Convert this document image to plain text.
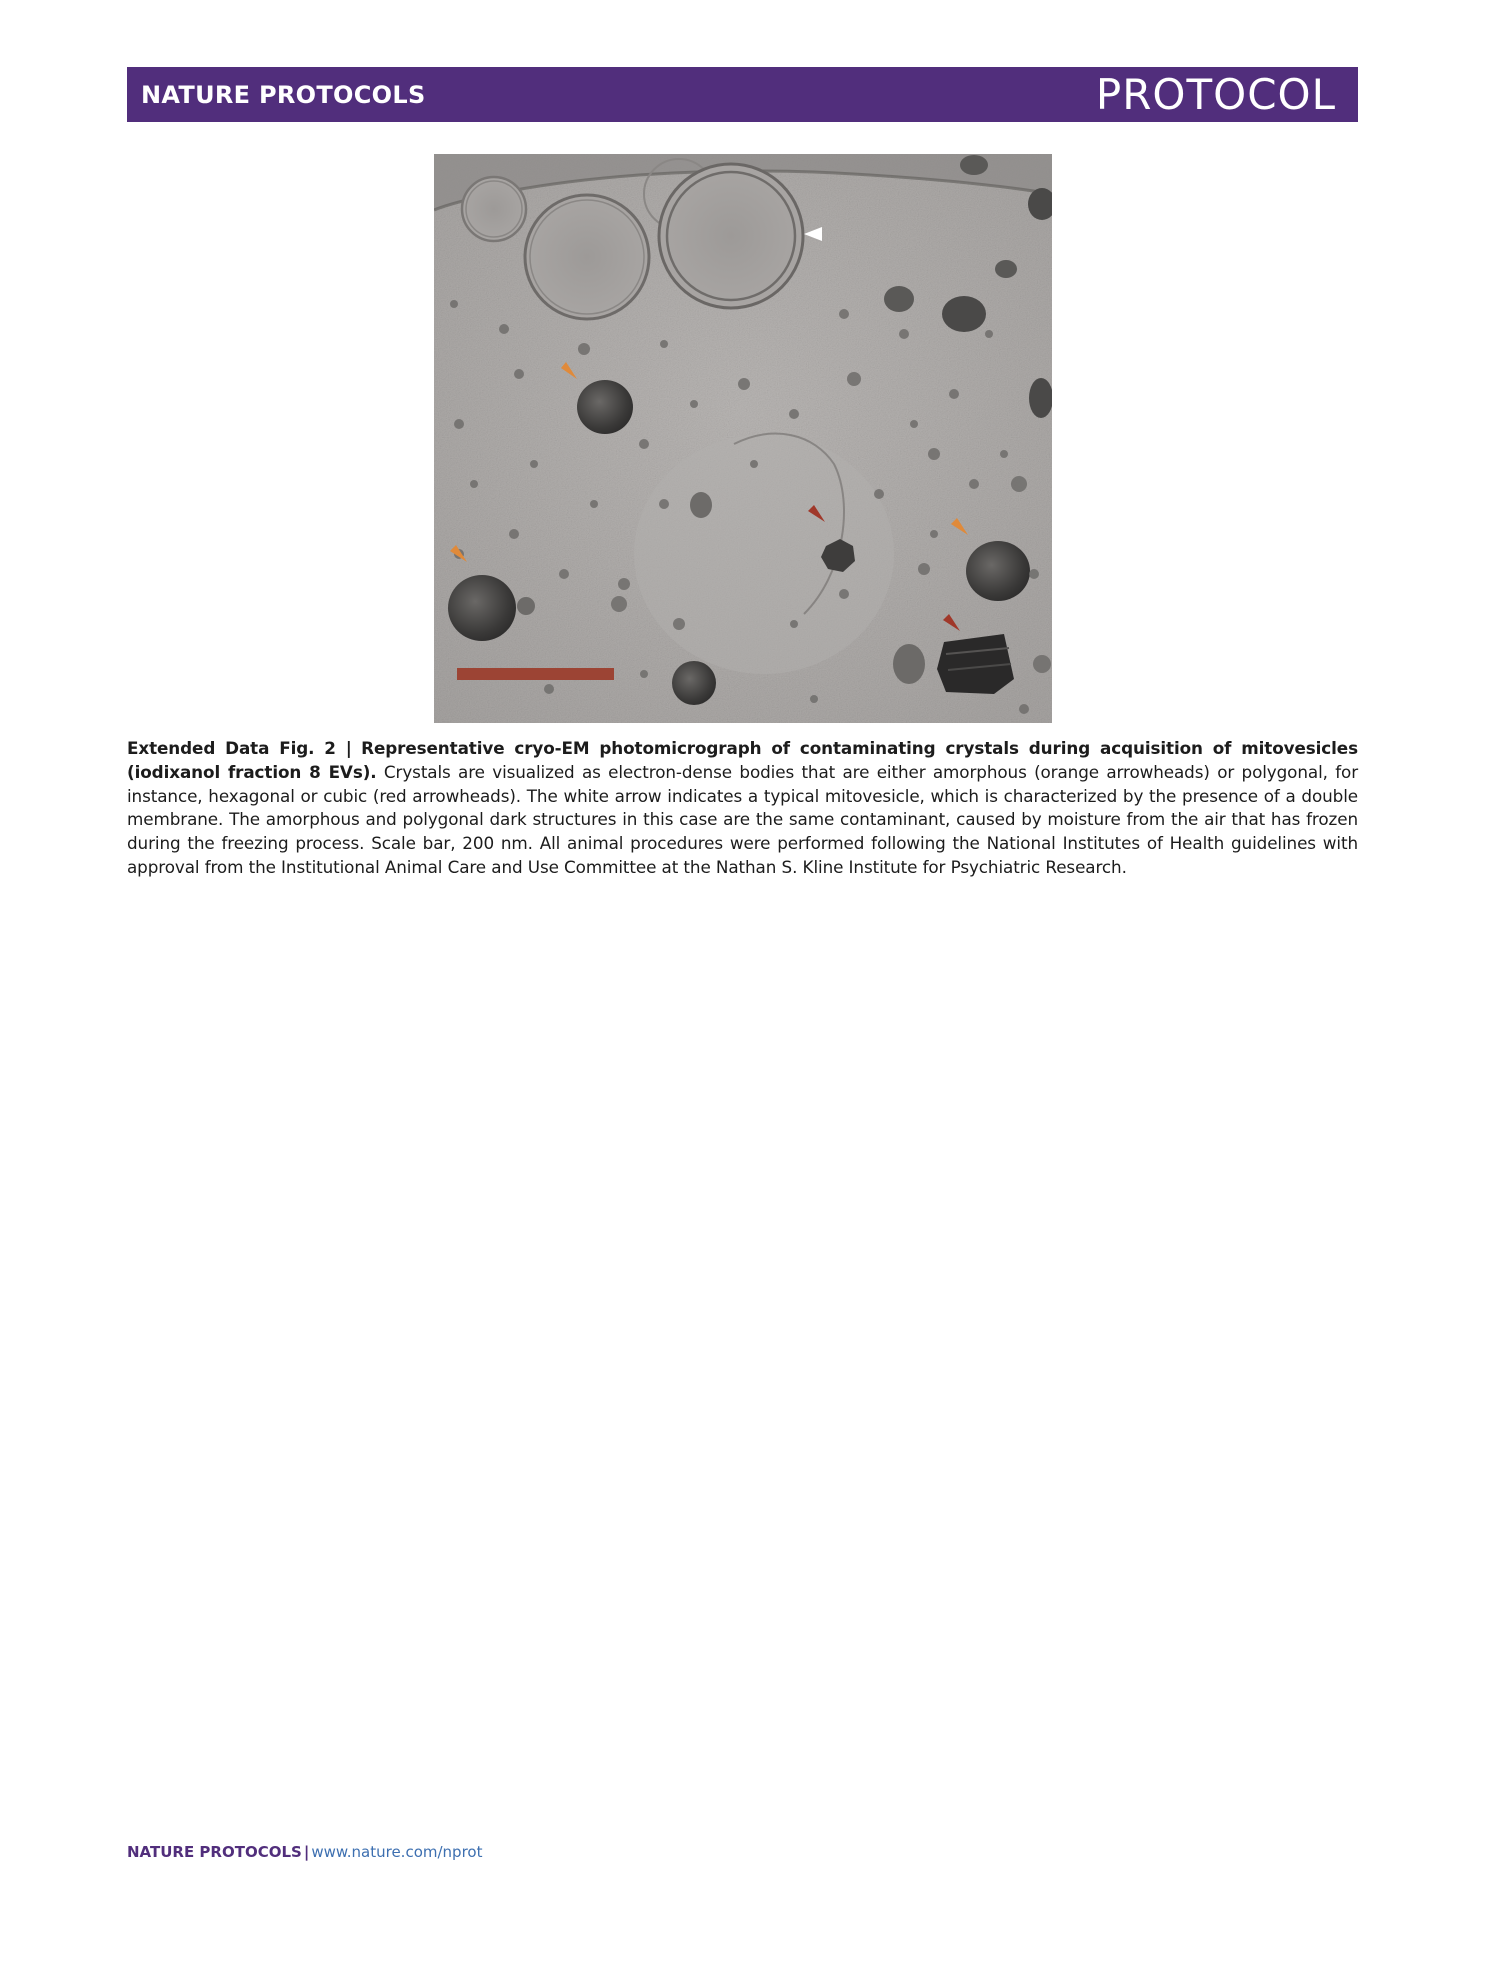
NATURE PROTOCOLS	PROTOCOL
Extended Data Fig. 2 | Representative cryo-EM photomicrograph of contaminating crystals during acquisition of mitovesicles (iodixanol fraction 8 EVs). Crystals are visualized as electron-dense bodies that are either amorphous (orange arrowheads) or polygonal, for instance, hexagonal or cubic (red arrowheads). The white arrow indicates a typical mitovesicle, which is characterized by the presence of a double membrane. The amorphous and polygonal dark structures in this case are the same contaminant, caused by moisture from the air that has frozen during the freezing process. Scale bar, 200 nm. All animal procedures were performed following the National Institutes of Health guidelines with approval from the Institutional Animal Care and Use Committee at the Nathan S. Kline Institute for Psychiatric Research.
NATURE PROTOCOLS | www.nature.com/nprot
